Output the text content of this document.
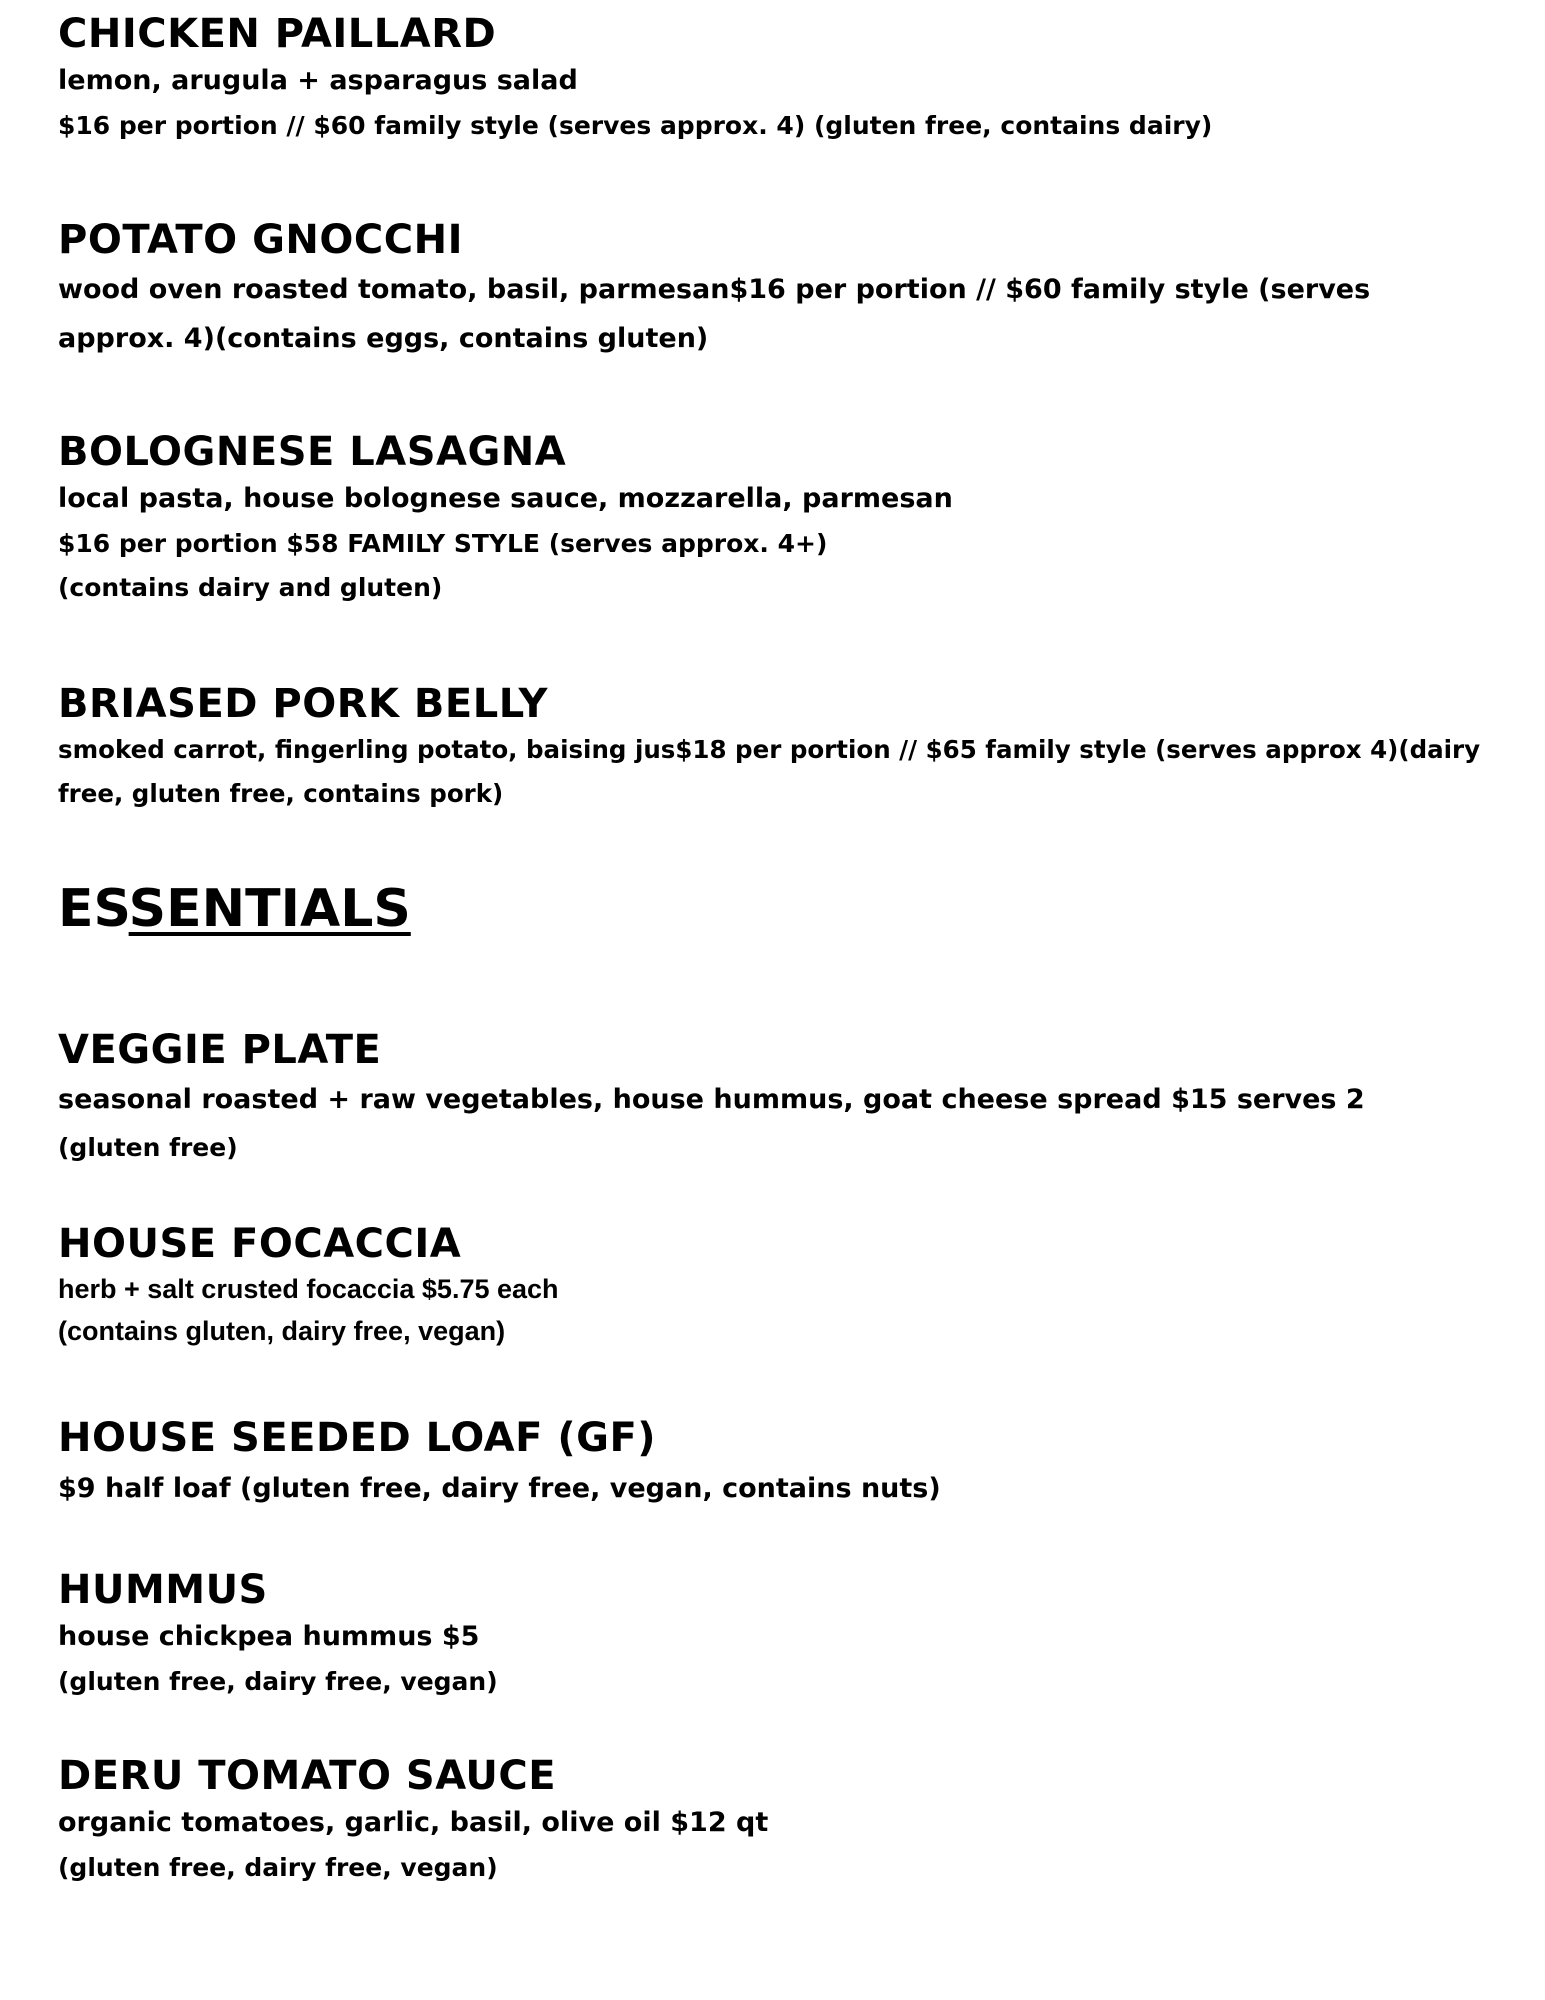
CHICKEN PAILLARD
lemon, arugula + asparagus salad
$16 per portion // $60 family style (serves approx. 4) (gluten free, contains dairy)
POTATO GNOCCHI
wood oven roasted tomato, basil, parmesan$16 per portion // $60 family style (serves
approx. 4)(contains eggs, contains gluten)
BOLOGNESE LASAGNA
local pasta, house bolognese sauce, mozzarella, parmesan
$16 per portion $58 FAMILY STYLE (serves approx. 4+)
(contains dairy and gluten)
BRIASED PORK BELLY
smoked carrot, fingerling potato, baising jus$18 per portion // $65 family style (serves approx 4)(dairy
free, gluten free, contains pork)
ESSENTIALS
VEGGIE PLATE
seasonal roasted + raw vegetables, house hummus, goat cheese spread $15 serves 2
(gluten free)
HOUSE FOCACCIA
herb + salt crusted focaccia $5.75 each
(contains gluten, dairy free, vegan)
HOUSE SEEDED LOAF (GF)
$9 half loaf (gluten free, dairy free, vegan, contains nuts)
HUMMUS
house chickpea hummus $5
(gluten free, dairy free, vegan)
DERU TOMATO SAUCE
organic tomatoes, garlic, basil, olive oil $12 qt
(gluten free, dairy free, vegan)
